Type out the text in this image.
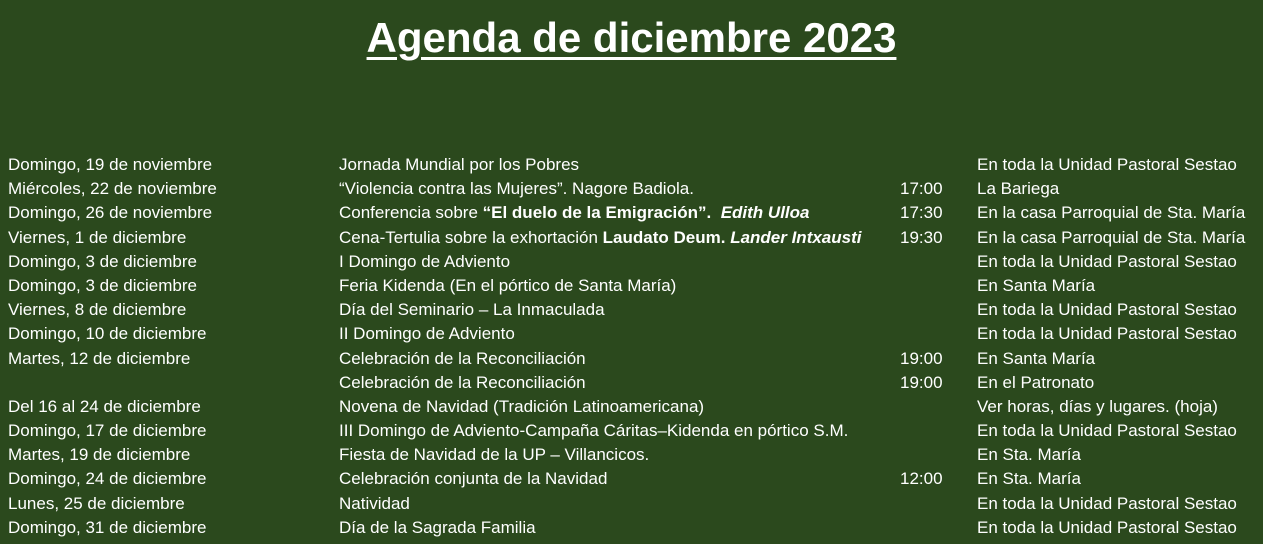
Agenda de diciembre 2023
Domingo, 19 de noviembre	Jornada Mundial por los Pobres	En toda la Unidad Pastoral Sestao
Miércoles, 22 de noviembre	“Violencia contra las Mujeres”. Nagore Badiola.	17:00 La Bariega
Domingo, 26 de noviembre	Conferencia sobre “El duelo de la Emigración”. Edith Ulloa	17:30 En la casa Parroquial de Sta. María
Viernes, 1 de diciembre	Cena-Tertulia sobre la exhortación Laudato Deum. Lander Intxausti 19:30 En la casa Parroquial de Sta. María
Domingo, 3 de diciembre	I Domingo de Adviento	En toda la Unidad Pastoral Sestao
Domingo, 3 de diciembre	Feria Kidenda (En el pórtico de Santa María)	En Santa María
Viernes, 8 de diciembre	Día del Seminario – La Inmaculada	En toda la Unidad Pastoral Sestao
Domingo, 10 de diciembre	II Domingo de Adviento	En toda la Unidad Pastoral Sestao
Martes, 12 de diciembre	Celebración de la Reconciliación	19:00 En Santa María
Celebración de la Reconciliación	19:00 En el Patronato
Del 16 al 24 de diciembre	Novena de Navidad (Tradición Latinoamericana)	Ver horas, días y lugares. (hoja)
Domingo, 17 de diciembre	III Domingo de Adviento-Campaña Cáritas–Kidenda en pórtico S.M.	En toda la Unidad Pastoral Sestao
Martes, 19 de diciembre	Fiesta de Navidad de la UP – Villancicos.	En Sta. María
Domingo, 24 de diciembre	Celebración conjunta de la Navidad	12:00 En Sta. María
Lunes, 25 de diciembre	Natividad	En toda la Unidad Pastoral Sestao
Domingo, 31 de diciembre	Día de la Sagrada Familia	En toda la Unidad Pastoral Sestao
